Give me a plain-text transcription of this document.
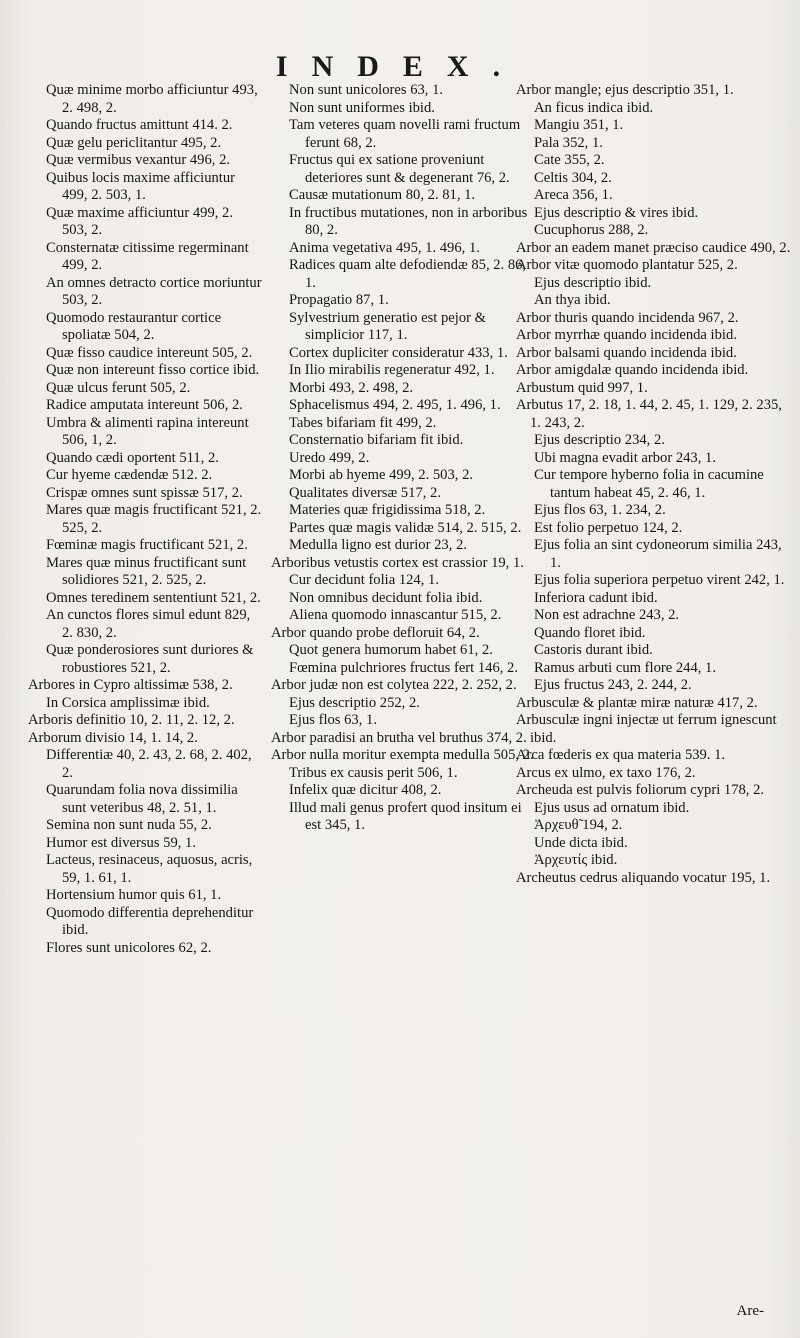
INDEX.
Quæ minime morbo afficiuntur 493, 2. 498, 2.
Quando fructus amittunt 414. 2.
Quæ gelu periclitantur 495, 2.
Quæ vermibus vexantur 496, 2.
Quibus locis maxime afficiuntur 499, 2. 503, 1.
Quæ maxime afficiuntur 499, 2. 503, 2.
Consternatæ citissime regerminant 499, 2.
An omnes detracto cortice moriuntur 503, 2.
Quomodo restaurantur cortice spoliatæ 504, 2.
Quæ fisso caudice intereunt 505, 2.
Quæ non intereunt fisso cortice ibid.
Quæ ulcus ferunt 505, 2.
Radice amputata intereunt 506, 2.
Umbra & alimenti rapina intereunt 506, 1, 2.
Quando cædi oportent 511, 2.
Cur hyeme cædendæ 512. 2.
Crispæ omnes sunt spissæ 517, 2.
Mares quæ magis fructificant 521, 2. 525, 2.
Fœminæ magis fructificant 521, 2.
Mares quæ minus fructificant sunt solidiores 521, 2. 525, 2.
Omnes teredinem sententiunt 521, 2.
An cunctos flores simul edunt 829, 2. 830, 2.
Quæ ponderosiores sunt duriores & robustiores 521, 2.
Arbores in Cypro altissimæ 538, 2.
In Corsica amplissimæ ibid.
Arboris definitio 10, 2. 11, 2. 12, 2.
Arborum divisio 14, 1. 14, 2.
Differentiæ 40, 2. 43, 2. 68, 2. 402, 2.
Quarundam folia nova dissimilia sunt veteribus 48, 2. 51, 1.
Semina non sunt nuda 55, 2.
Humor est diversus 59, 1.
Lacteus, resinaceus, aquosus, acris, 59, 1. 61, 1.
Hortensium humor quis 61, 1.
Quomodo differentia deprehenditur ibid.
Flores sunt unicolores 62, 2.
Non sunt unicolores 63, 1.
Non sunt uniformes ibid.
Tam veteres quam novelli rami fructum ferunt 68, 2.
Fructus qui ex satione proveniunt deteriores sunt & degenerant 76, 2.
Causæ mutationum 80, 2. 81, 1.
In fructibus mutationes, non in arboribus 80, 2.
Anima vegetativa 495, 1. 496, 1.
Radices quam alte defodiendæ 85, 2. 86, 1.
Propagatio 87, 1.
Sylvestrium generatio est pejor & simplicior 117, 1.
Cortex dupliciter consideratur 433, 1.
In Ilio mirabilis regeneratur 492, 1.
Morbi 493, 2. 498, 2.
Sphacelismus 494, 2. 495, 1. 496, 1.
Tabes bifariam fit 499, 2.
Consternatio bifariam fit ibid.
Uredo 499, 2.
Morbi ab hyeme 499, 2. 503, 2.
Qualitates diversæ 517, 2.
Materies quæ frigidissima 518, 2.
Partes quæ magis validæ 514, 2. 515, 2.
Medulla ligno est durior 23, 2.
Arboribus vetustis cortex est crassior 19, 1.
Cur decidunt folia 124, 1.
Non omnibus decidunt folia ibid.
Aliena quomodo innascantur 515, 2.
Arbor quando probe defloruit 64, 2.
Quot genera humorum habet 61, 2.
Fœmina pulchriores fructus fert 146, 2.
Arbor judæ non est colytea 222, 2. 252, 2.
Ejus descriptio 252, 2.
Ejus flos 63, 1.
Arbor paradisi an brutha vel bruthus 374, 2.
Arbor nulla moritur exempta medulla 505, 2.
Tribus ex causis perit 506, 1.
Infelix quæ dicitur 408, 2.
Illud mali genus profert quod insitum ei est 345, 1.
Arbor mangle; ejus descriptio 351, 1.
An ficus indica ibid.
Mangiu 351, 1.
Pala 352, 1.
Cate 355, 2.
Celtis 304, 2.
Areca 356, 1.
Ejus descriptio & vires ibid.
Cucuphorus 288, 2.
Arbor an eadem manet præciso caudice 490, 2.
Arbor vitæ quomodo plantatur 525, 2.
Ejus descriptio ibid.
An thya ibid.
Arbor thuris quando incidenda 967, 2.
Arbor myrrhæ quando incidenda ibid.
Arbor balsami quando incidenda ibid.
Arbor amigdalæ quando incidenda ibid.
Arbustum quid 997, 1.
Arbutus 17, 2. 18, 1. 44, 2. 45, 1. 129, 2. 235, 1. 243, 2.
Ejus descriptio 234, 2.
Ubi magna evadit arbor 243, 1.
Cur tempore hyberno folia in cacumine tantum habeat 45, 2. 46, 1.
Ejus flos 63, 1. 234, 2.
Est folio perpetuo 124, 2.
Ejus folia an sint cydoneorum similia 243, 1.
Ejus folia superiora perpetuo virent 242, 1.
Inferiora cadunt ibid.
Non est adrachne 243, 2.
Quando floret ibid.
Castoris durant ibid.
Ramus arbuti cum flore 244, 1.
Ejus fructus 243, 2. 244, 2.
Arbusculæ & plantæ miræ naturæ 417, 2.
Arbusculæ ingni injectæ ut ferrum ignescunt ibid.
Arca fœderis ex qua materia 539. 1.
Arcus ex ulmo, ex taxo 176, 2.
Archeuda est pulvis foliorum cypri 178, 2.
Ejus usus ad ornatum ibid.
Ἀρχευθ̃ 194, 2.
Unde dicta ibid.
Ἀρχευτίς ibid.
Archeutus cedrus aliquando vocatur 195, 1.
Are-
